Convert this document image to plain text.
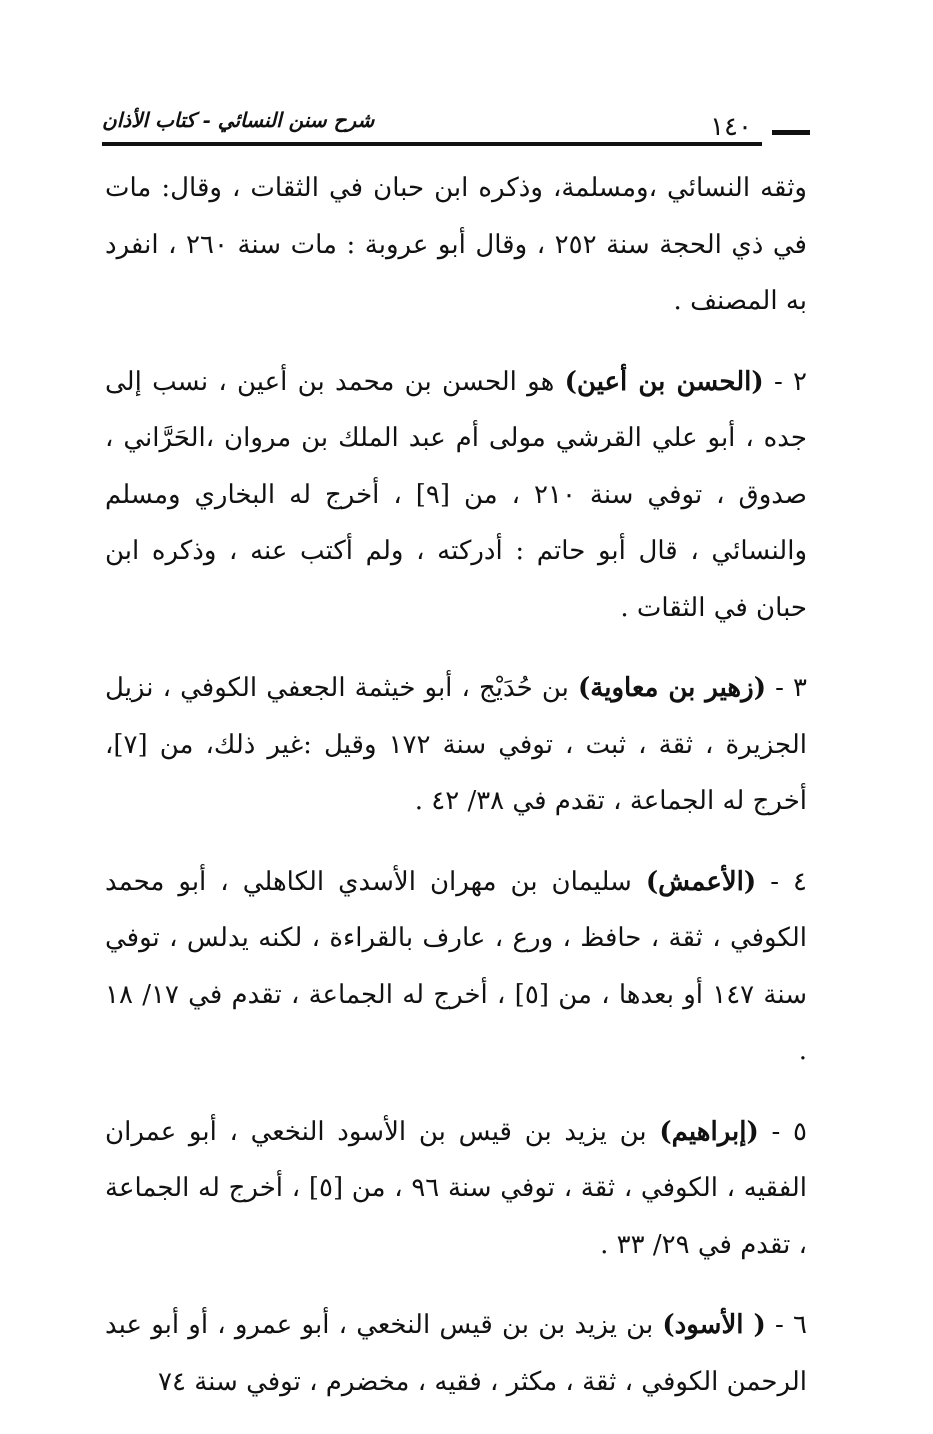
شرح سنن النسائي - كتاب الأذان	١٤٠

وثقه النسائي ،ومسلمة، وذكره ابن حبان في الثقات ، وقال: مات في ذي الحجة سنة ٢٥٢ ، وقال أبو عروبة : مات سنة ٢٦٠ ، انفرد به المصنف .

٢ - (الحسن بن أعين) هو الحسن بن محمد بن أعين ، نسب إلى جده ، أبو علي القرشي مولى أم عبد الملك بن مروان ،الحَرَّاني ، صدوق ، توفي سنة ٢١٠ ، من [٩] ، أخرج له البخاري ومسلم والنسائي ، قال أبو حاتم : أدركته ، ولم أكتب عنه ، وذكره ابن حبان في الثقات .

٣ - (زهير بن معاوية) بن حُدَيْج ، أبو خيثمة الجعفي الكوفي ، نزيل الجزيرة ، ثقة ، ثبت ، توفي سنة ١٧٢ وقيل :غير ذلك، من [٧]، أخرج له الجماعة ، تقدم في ٣٨/ ٤٢ .

٤ - (الأعمش) سليمان بن مهران الأسدي الكاهلي ، أبو محمد الكوفي ، ثقة ، حافظ ، ورع ، عارف بالقراءة ، لكنه يدلس ، توفي سنة ١٤٧ أو بعدها ، من [٥] ، أخرج له الجماعة ، تقدم في ١٧/ ١٨ .

٥ - (إبراهيم) بن يزيد بن قيس بن الأسود النخعي ، أبو عمران الفقيه ، الكوفي ، ثقة ، توفي سنة ٩٦ ، من [٥] ، أخرج له الجماعة ، تقدم في ٢٩/ ٣٣ .

٦ - ( الأسود) بن يزيد بن بن قيس النخعي ، أبو عمرو ، أو أبو عبد الرحمن الكوفي ، ثقة ، مكثر ، فقيه ، مخضرم ، توفي سنة ٧٤
